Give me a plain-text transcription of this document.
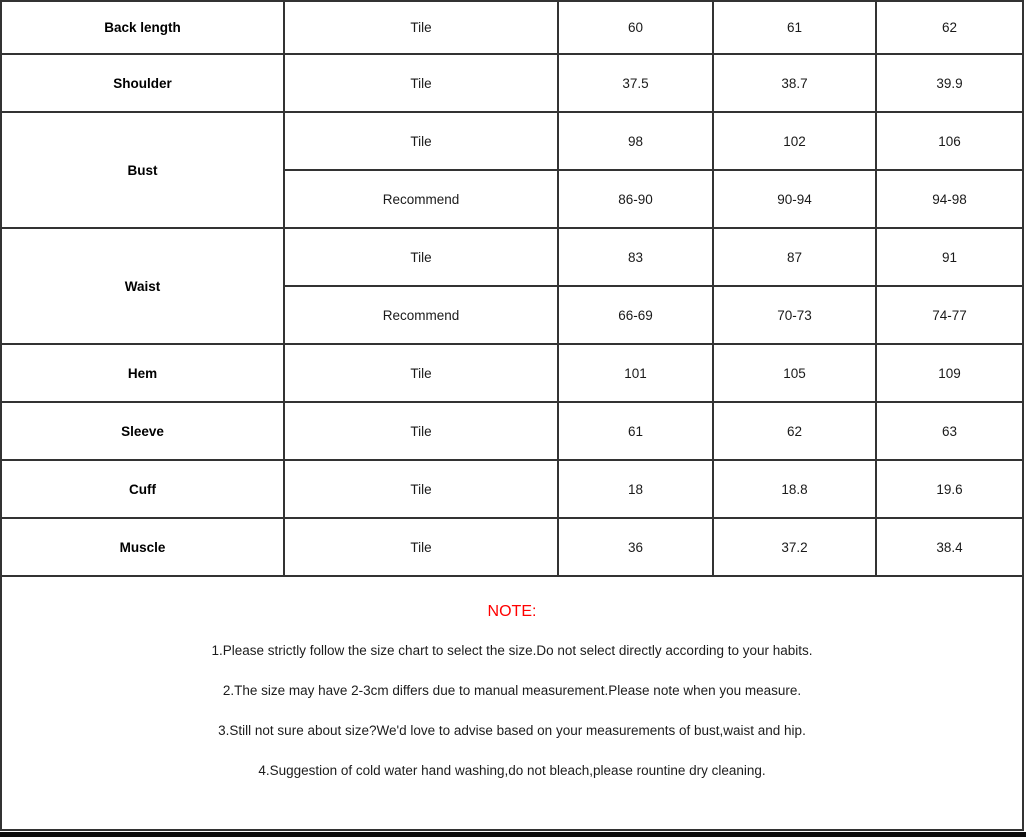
Back length	Tile	60	61	62
Shoulder	Tile	37.5	38.7	39.9
Bust	Tile	98	102	106
	Recommend	86-90	90-94	94-98
Waist	Tile	83	87	91
	Recommend	66-69	70-73	74-77
Hem	Tile	101	105	109
Sleeve	Tile	61	62	63
Cuff	Tile	18	18.8	19.6
Muscle	Tile	36	37.2	38.4

NOTE:

1.Please strictly follow the size chart to select the size.Do not select directly according to your habits.

2.The size may have 2-3cm differs due to manual measurement.Please note when you measure.

3.Still not sure about size?We'd love to advise based on your measurements of bust,waist and hip.

4.Suggestion of cold water hand washing,do not bleach,please rountine dry cleaning.				
